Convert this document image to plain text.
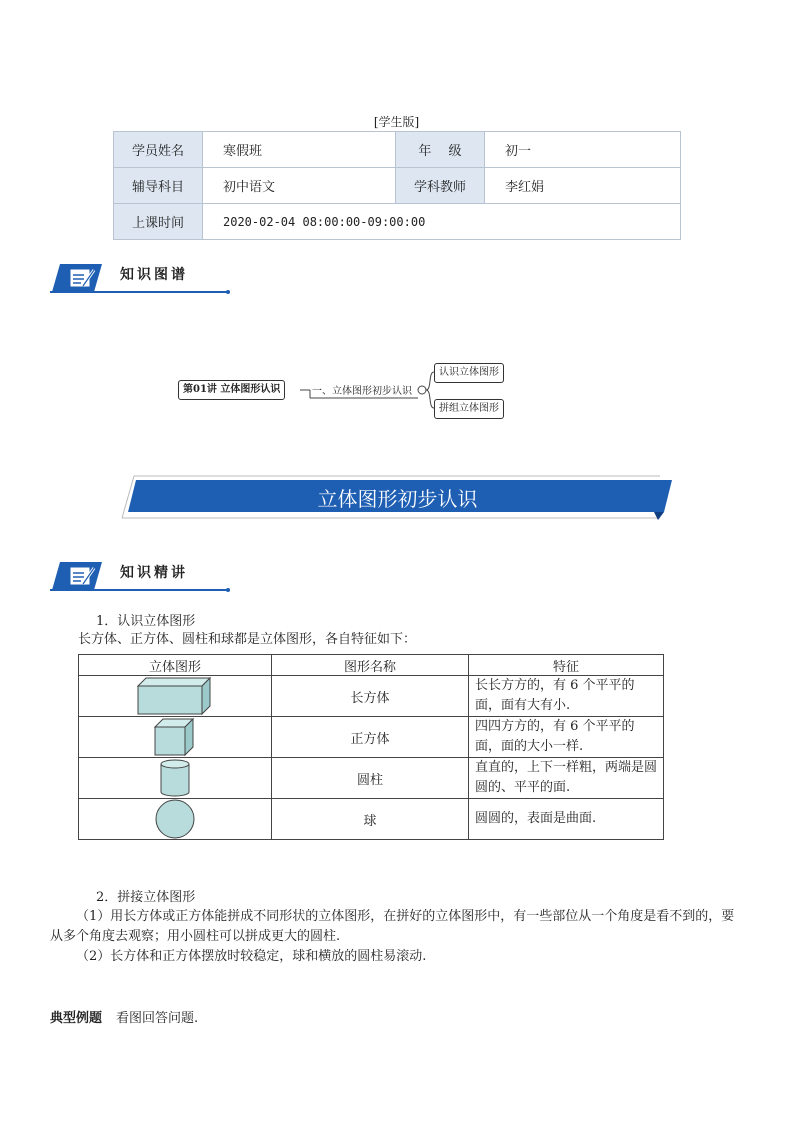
[学生版]
学员姓名	寒假班	年　 级	初一
辅导科目	初中语文	学科教师	李红娟
上课时间	2020-02-04 08:00:00-09:00:00		
知识图谱
第01讲 立体图形认识	一、立体图形初步认识
认识立体图形
拼组立体图形
立体图形初步认识
知识精讲
1．认识立体图形
长方体、正方体、圆柱和球都是立体图形，各自特征如下：
立体图形	图形名称	特征

	长方体	长长方方的，有 6 个平平的面，面有大有小.

	正方体	四四方方的，有 6 个平平的面，面的大小一样.

	圆柱	直直的，上下一样粗，两端是圆圆的、平平的面.

	球	圆圆的，表面是曲面.
2．拼接立体图形
（1）用长方体或正方体能拼成不同形状的立体图形，在拼好的立体图形中，有一些部位从一个角度是看不到的，要从多个角度去观察；用小圆柱可以拼成更大的圆柱.
（2）长方体和正方体摆放时较稳定，球和横放的圆柱易滚动.
典型例题 看图回答问题.
